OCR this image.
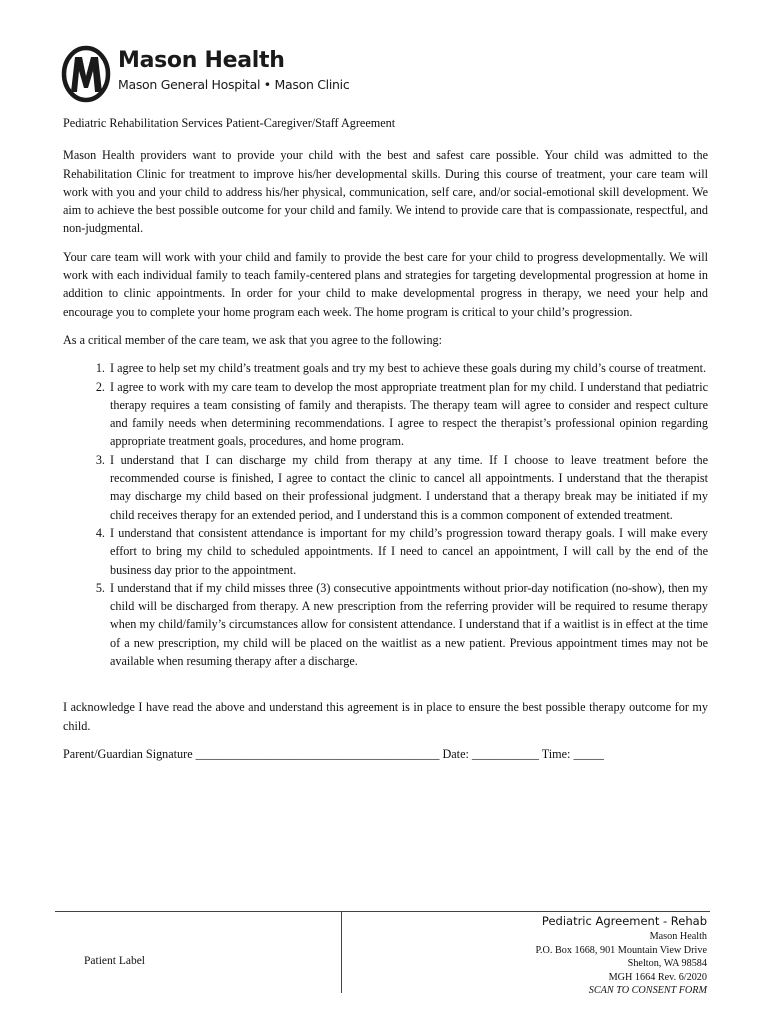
Mason Health
Mason General Hospital • Mason Clinic

Pediatric Rehabilitation Services Patient-Caregiver/Staff Agreement

Mason Health providers want to provide your child with the best and safest care possible. Your child was admitted to the Rehabilitation Clinic for treatment to improve his/her developmental skills. During this course of treatment, your care team will work with you and your child to address his/her physical, communication, self care, and/or social-emotional skill development. We aim to achieve the best possible outcome for your child and family. We intend to provide care that is compassionate, respectful, and non-judgmental.

Your care team will work with your child and family to provide the best care for your child to progress developmentally. We will work with each individual family to teach family-centered plans and strategies for targeting developmental progression at home in addition to clinic appointments. In order for your child to make developmental progress in therapy, we need your help and encourage you to complete your home program each week. The home program is critical to your child’s progression.

As a critical member of the care team, we ask that you agree to the following:

1. I agree to help set my child’s treatment goals and try my best to achieve these goals during my child’s course of treatment.
2. I agree to work with my care team to develop the most appropriate treatment plan for my child. I understand that pediatric therapy requires a team consisting of family and therapists. The therapy team will agree to consider and respect culture and family needs when determining recommendations. I agree to respect the therapist’s professional opinion regarding appropriate treatment goals, procedures, and home program.
3. I understand that I can discharge my child from therapy at any time. If I choose to leave treatment before the recommended course is finished, I agree to contact the clinic to cancel all appointments. I understand that the therapist may discharge my child based on their professional judgment. I understand that a therapy break may be initiated if my child receives therapy for an extended period, and I understand this is a common component of extended treatment.
4. I understand that consistent attendance is important for my child’s progression toward therapy goals. I will make every effort to bring my child to scheduled appointments. If I need to cancel an appointment, I will call by the end of the business day prior to the appointment.
5. I understand that if my child misses three (3) consecutive appointments without prior-day notification (no-show), then my child will be discharged from therapy. A new prescription from the referring provider will be required to resume therapy when my child/family’s circumstances allow for consistent attendance. I understand that if a waitlist is in effect at the time of a new prescription, my child will be placed on the waitlist as a new patient. Previous appointment times may not be available when resuming therapy after a discharge.

I acknowledge I have read the above and understand this agreement is in place to ensure the best possible therapy outcome for my child.

Parent/Guardian Signature ________________________________________ Date: ___________ Time: _____
Patient Label
Pediatric Agreement - Rehab
Mason Health
P.O. Box 1668, 901 Mountain View Drive
Shelton, WA 98584
MGH 1664 Rev. 6/2020
SCAN TO CONSENT FORM
